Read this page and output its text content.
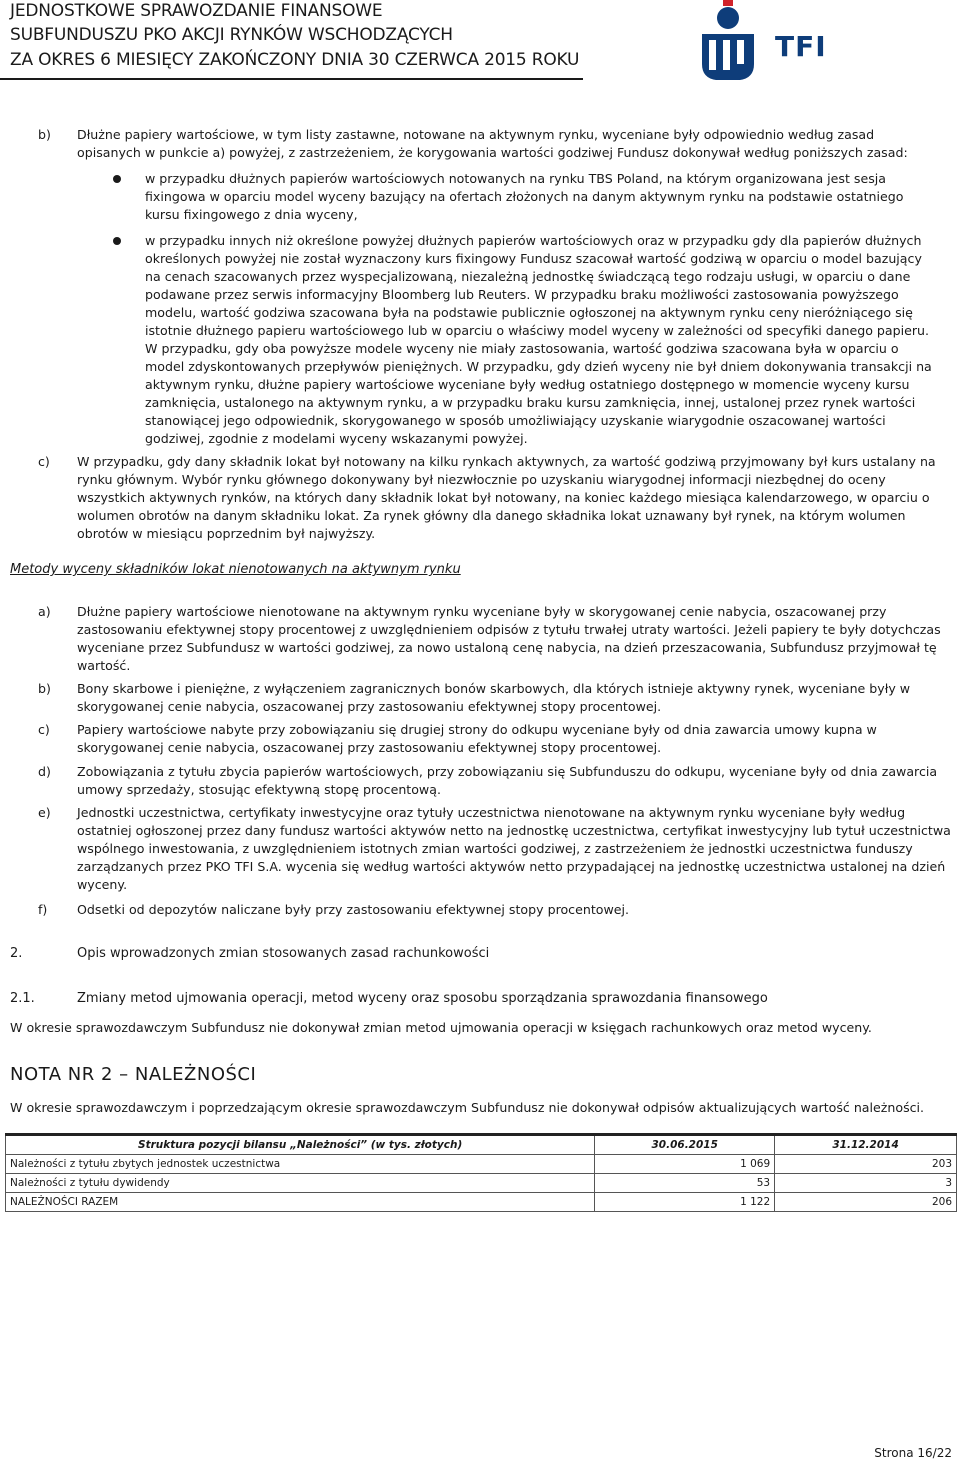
JEDNOSTKOWE SPRAWOZDANIE FINANSOWE
SUBFUNDUSZU PKO AKCJI RYNKÓW WSCHODZĄCYCH
ZA OKRES 6 MIESIĘCY ZAKOŃCZONY DNIA 30 CZERWCA 2015 ROKU	TFI
b)	Dłużne papiery wartościowe, w tym listy zastawne, notowane na aktywnym rynku, wyceniane były odpowiednio według zasad opisanych w punkcie a) powyżej, z zastrzeżeniem, że korygowania wartości godziwej Fundusz dokonywał według poniższych zasad:
w przypadku dłużnych papierów wartościowych notowanych na rynku TBS Poland, na którym organizowana jest sesja fixingowa w oparciu model wyceny bazujący na ofertach złożonych na danym aktywnym rynku na podstawie ostatniego kursu fixingowego z dnia wyceny,
w przypadku innych niż określone powyżej dłużnych papierów wartościowych oraz w przypadku gdy dla papierów dłużnych określonych powyżej nie został wyznaczony kurs fixingowy Fundusz szacował wartość godziwą w oparciu o model bazujący na cenach szacowanych przez wyspecjalizowaną, niezależną jednostkę świadczącą tego rodzaju usługi, w oparciu o dane podawane przez serwis informacyjny Bloomberg lub Reuters. W przypadku braku możliwości zastosowania powyższego modelu, wartość godziwa szacowana była na podstawie publicznie ogłoszonej na aktywnym rynku ceny nieróżniącego się istotnie dłużnego papieru wartościowego lub w oparciu o właściwy model wyceny w zależności od specyfiki danego papieru. W przypadku, gdy oba powyższe modele wyceny nie miały zastosowania, wartość godziwa szacowana była w oparciu o model zdyskontowanych przepływów pieniężnych. W przypadku, gdy dzień wyceny nie był dniem dokonywania transakcji na aktywnym rynku, dłużne papiery wartościowe wyceniane były według ostatniego dostępnego w momencie wyceny kursu zamknięcia, ustalonego na aktywnym rynku, a w przypadku braku kursu zamknięcia, innej, ustalonej przez rynek wartości stanowiącej jego odpowiednik, skorygowanego w sposób umożliwiający uzyskanie wiarygodnie oszacowanej wartości godziwej, zgodnie z modelami wyceny wskazanymi powyżej.
c)	W przypadku, gdy dany składnik lokat był notowany na kilku rynkach aktywnych, za wartość godziwą przyjmowany był kurs ustalany na rynku głównym. Wybór rynku głównego dokonywany był niezwłocznie po uzyskaniu wiarygodnej informacji niezbędnej do oceny wszystkich aktywnych rynków, na których dany składnik lokat był notowany, na koniec każdego miesiąca kalendarzowego, w oparciu o wolumen obrotów na danym składniku lokat. Za rynek główny dla danego składnika lokat uznawany był rynek, na którym wolumen obrotów w miesiącu poprzednim był najwyższy.
Metody wyceny składników lokat nienotowanych na aktywnym rynku
a)	Dłużne papiery wartościowe nienotowane na aktywnym rynku wyceniane były w skorygowanej cenie nabycia, oszacowanej przy zastosowaniu efektywnej stopy procentowej z uwzględnieniem odpisów z tytułu trwałej utraty wartości. Jeżeli papiery te były dotychczas wyceniane przez Subfundusz w wartości godziwej, za nowo ustaloną cenę nabycia, na dzień przeszacowania, Subfundusz przyjmował tę wartość.
b)	Bony skarbowe i pieniężne, z wyłączeniem zagranicznych bonów skarbowych, dla których istnieje aktywny rynek, wyceniane były w skorygowanej cenie nabycia, oszacowanej przy zastosowaniu efektywnej stopy procentowej.
c)	Papiery wartościowe nabyte przy zobowiązaniu się drugiej strony do odkupu wyceniane były od dnia zawarcia umowy kupna w skorygowanej cenie nabycia, oszacowanej przy zastosowaniu efektywnej stopy procentowej.
d)	Zobowiązania z tytułu zbycia papierów wartościowych, przy zobowiązaniu się Subfunduszu do odkupu, wyceniane były od dnia zawarcia umowy sprzedaży, stosując efektywną stopę procentową.
e)	Jednostki uczestnictwa, certyfikaty inwestycyjne oraz tytuły uczestnictwa nienotowane na aktywnym rynku wyceniane były według ostatniej ogłoszonej przez dany fundusz wartości aktywów netto na jednostkę uczestnictwa, certyfikat inwestycyjny lub tytuł uczestnictwa wspólnego inwestowania, z uwzględnieniem istotnych zmian wartości godziwej, z zastrzeżeniem że jednostki uczestnictwa funduszy zarządzanych przez PKO TFI S.A. wycenia się według wartości aktywów netto przypadającej na jednostkę uczestnictwa ustalonej na dzień wyceny.
f)	Odsetki od depozytów naliczane były przy zastosowaniu efektywnej stopy procentowej.
2.	Opis wprowadzonych zmian stosowanych zasad rachunkowości
2.1.	Zmiany metod ujmowania operacji, metod wyceny oraz sposobu sporządzania sprawozdania finansowego
W okresie sprawozdawczym Subfundusz nie dokonywał zmian metod ujmowania operacji w księgach rachunkowych oraz metod wyceny.
NOTA NR 2 – NALEŻNOŚCI
W okresie sprawozdawczym i poprzedzającym okresie sprawozdawczym Subfundusz nie dokonywał odpisów aktualizujących wartość należności.
Struktura pozycji bilansu „Należności” (w tys. złotych)	30.06.2015	31.12.2014
Należności z tytułu zbytych jednostek uczestnictwa	1 069	203
Należności z tytułu dywidendy	53	3
NALEŻNOŚCI RAZEM	1 122	206
Strona 16/22
